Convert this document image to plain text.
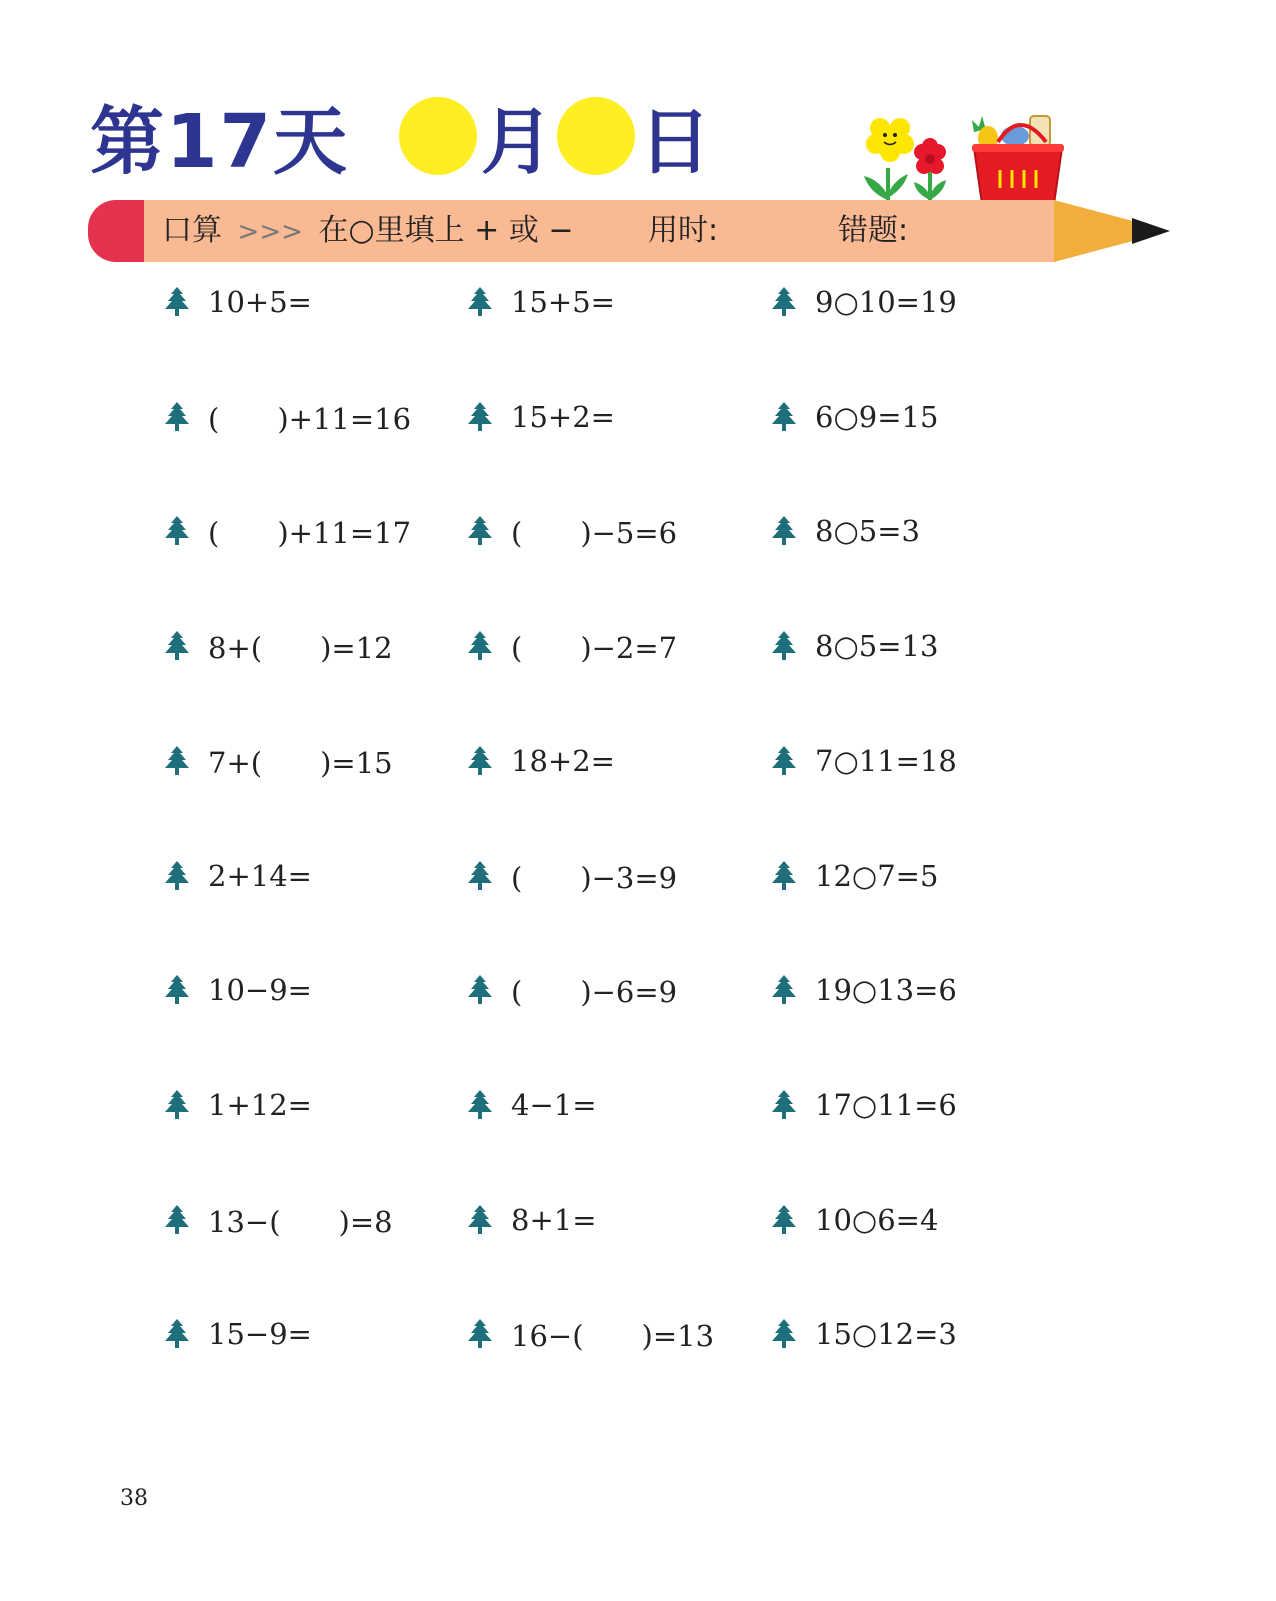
第17天 月 日
口算 >>> 在○里填上 + 或 − 用时:	错题:
10+5=
(　　)+11=16
(　　)+11=17
8+(　　)=12
7+(　　)=15
2+14=
10−9=
1+12=
13−(　　)=8
15−9=
15+5=
15+2=
(　　)−5=6
(　　)−2=7
18+2=
(　　)−3=9
(　　)−6=9
4−1=
8+1=
16−(　　)=13
9○10=19
6○9=15
8○5=3
8○5=13
7○11=18
12○7=5
19○13=6
17○11=6
10○6=4
15○12=3
38
